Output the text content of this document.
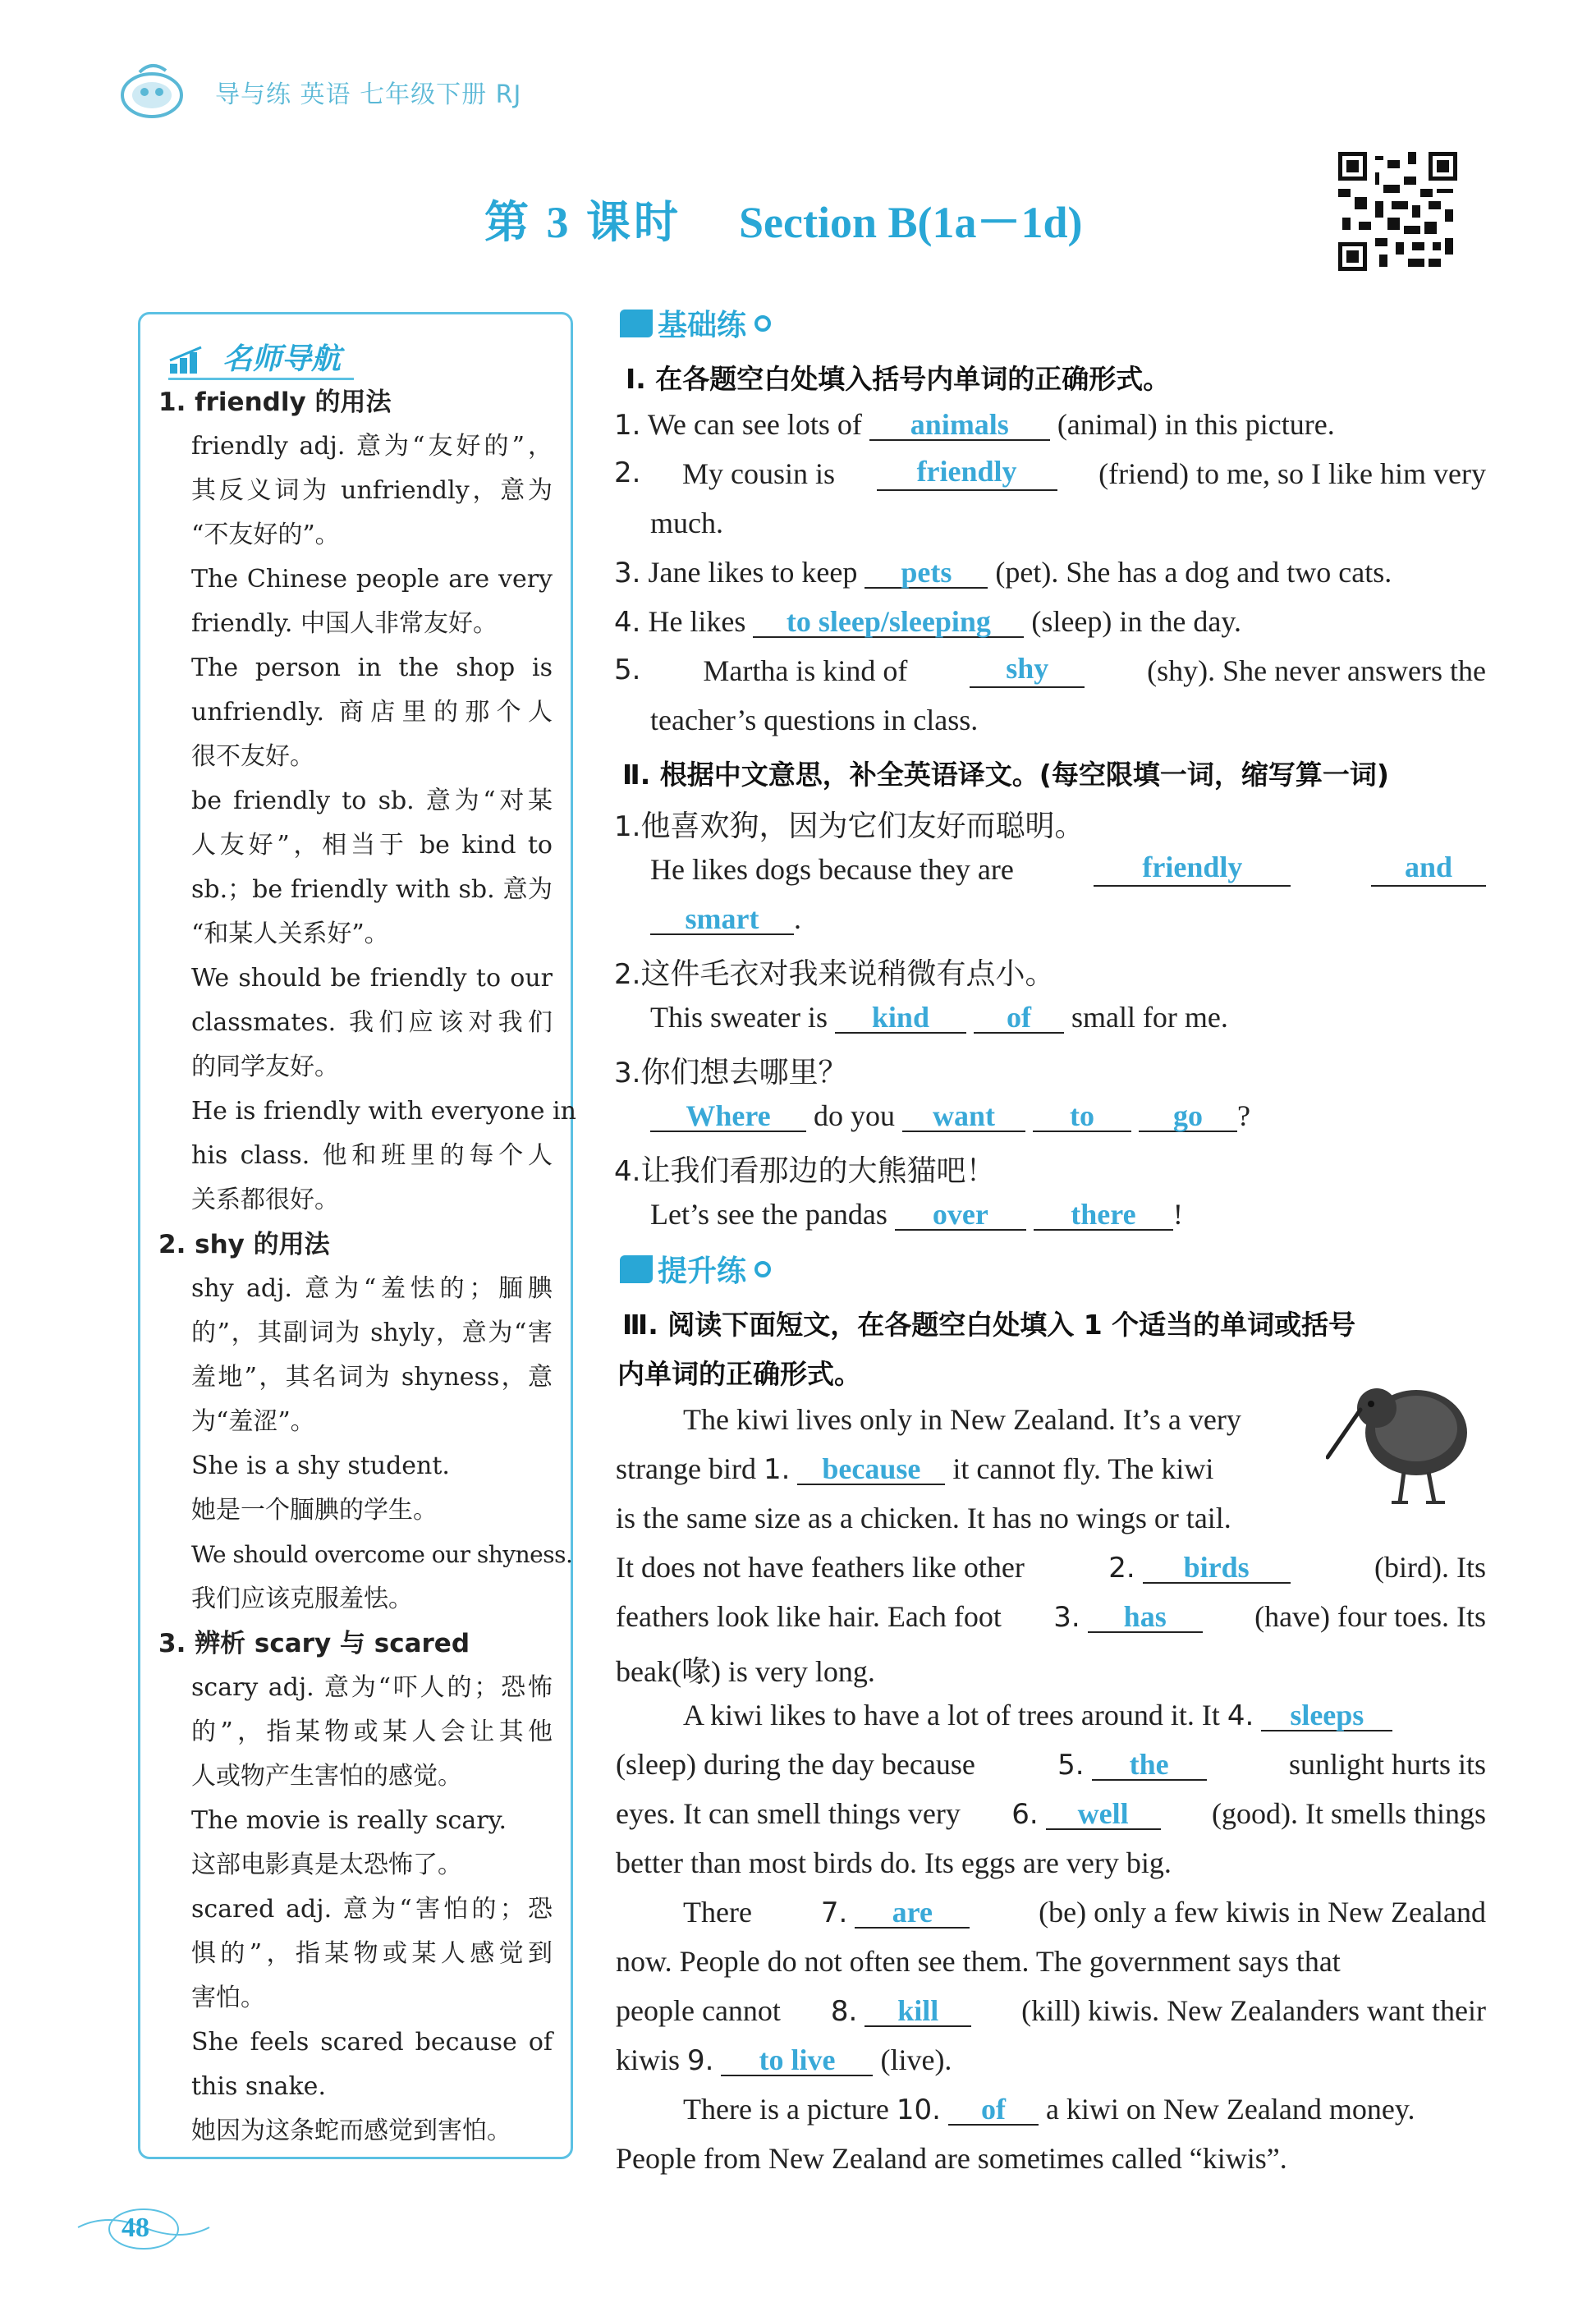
导与练 英语 七年级下册 RJ
第 3 课时 Section B(1a－1d)
名师导航
1. friendly 的用法

friendly adj. 意为“友好的”，

其反义词为 unfriendly，意为

“不友好的”。

The Chinese people are very

friendly. 中国人非常友好。

The person in the shop is

unfriendly. 商店里的那个人

很不友好。

be friendly to sb. 意为“对某

人友好”，相当于 be kind to

sb.；be friendly with sb. 意为

“和某人关系好”。

We should be friendly to our

classmates. 我们应该对我们

的同学友好。

He is friendly with everyone in

his class. 他和班里的每个人

关系都很好。

2. shy 的用法

shy adj. 意为“羞怯的；腼腆

的”，其副词为 shyly，意为“害

羞地”，其名词为 shyness，意

为“羞涩”。

She is a shy student.

她是一个腼腆的学生。

We should overcome our shyness.

我们应该克服羞怯。

3. 辨析 scary 与 scared

scary adj. 意为“吓人的；恐怖

的”，指某物或某人会让其他

人或物产生害怕的感觉。

The movie is really scary.

这部电影真是太恐怖了。

scared adj. 意为“害怕的；恐

惧的”，指某物或某人感觉到

害怕。

She feels scared because of

this snake.

她因为这条蛇而感觉到害怕。

基础练
Ⅰ. 在各题空白处填入括号内单词的正确形式。
1. We can see lots of animals (animal) in this picture.
2. My cousin is	friendly	(friend) to me, so I like him very
much.
3. Jane likes to keep pets (pet). She has a dog and two cats.
4. He likes to sleep/sleeping (sleep) in the day.
5. Martha is kind of	shy	(shy). She never answers the
teacher’s questions in class.
Ⅱ. 根据中文意思，补全英语译文。(每空限填一词，缩写算一词)
1.他喜欢狗，因为它们友好而聪明。
He likes dogs because they are	friendly	and
smart .
2.这件毛衣对我来说稍微有点小。
This sweater is kind	of small for me.
3.你们想去哪里？
Where do you want	to	go ?
4.让我们看那边的大熊猫吧！
Let’s see the pandas over	there !
提升练
Ⅲ. 阅读下面短文，在各题空白处填入 1 个适当的单词或括号
内单词的正确形式。
The kiwi lives only in New Zealand. It’s a very
strange bird 1. because it cannot fly. The kiwi
is the same size as a chicken. It has no wings or tail.
It does not have feathers like other	2. birds	(bird). Its
feathers look like hair. Each foot 3. has	(have) four toes. Its
beak(喙) is very long.
A kiwi likes to have a lot of trees around it. It 4. sleeps
(sleep) during the day because	5. the	sunlight hurts its
eyes. It can smell things very 6. well	(good). It smells things
better than most birds do. Its eggs are very big.
There 7. are	(be) only a few kiwis in New Zealand
now. People do not often see them. The government says that
people cannot 8. kill	(kill) kiwis. New Zealanders want their
kiwis 9. to live (live).
There is a picture 10. of a kiwi on New Zealand money.
People from New Zealand are sometimes called “kiwis”.
48
